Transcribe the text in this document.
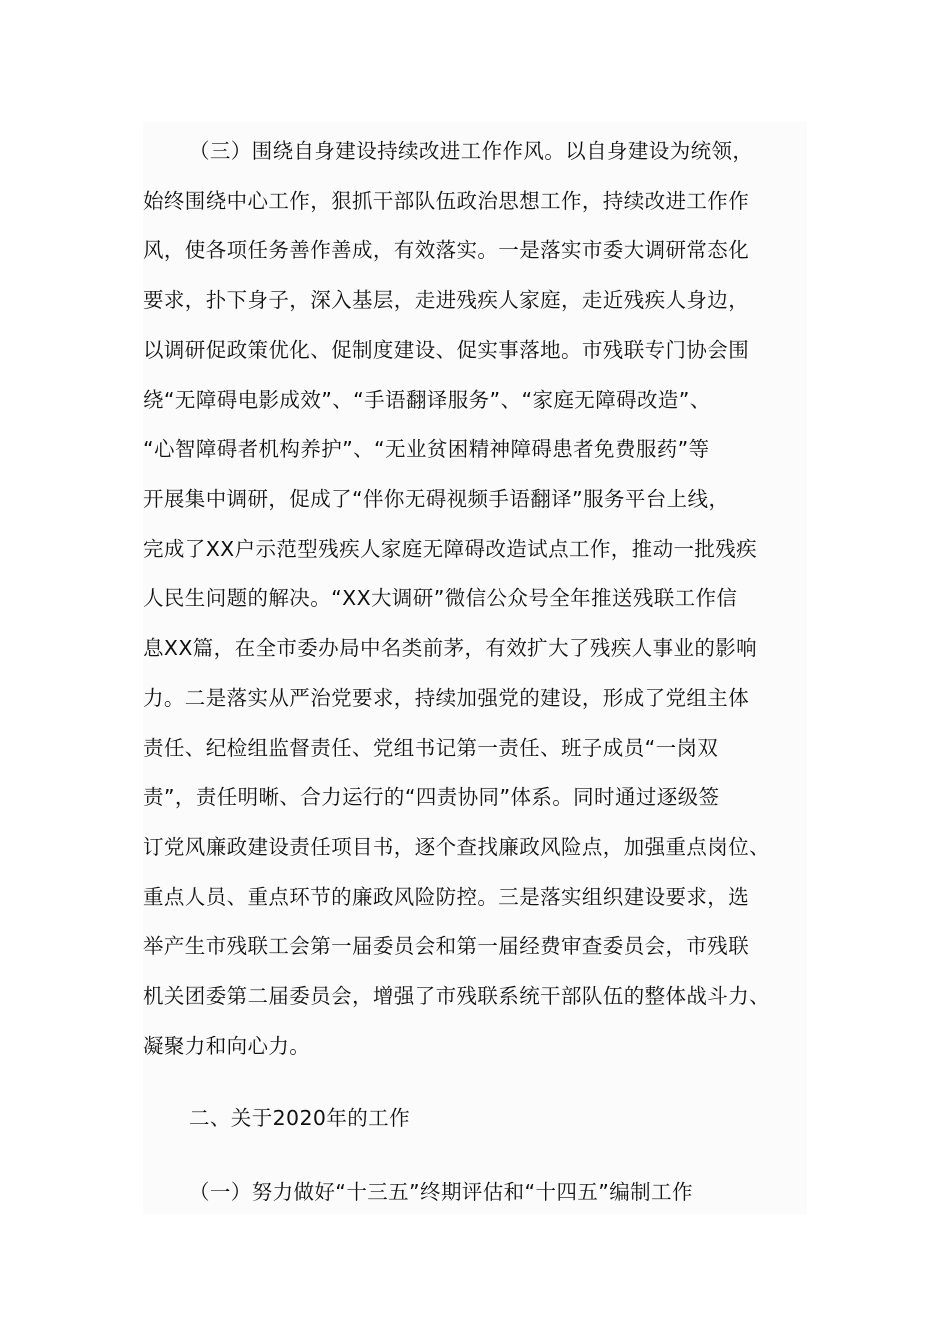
（三）围绕自身建设持续改进工作作风。以自身建设为统领，
始终围绕中心工作，狠抓干部队伍政治思想工作，持续改进工作作
风，使各项任务善作善成，有效落实。一是落实市委大调研常态化
要求，扑下身子，深入基层，走进残疾人家庭，走近残疾人身边，
以调研促政策优化、促制度建设、促实事落地。市残联专门协会围
绕“无障碍电影成效”、“手语翻译服务”、“家庭无障碍改造”、
“心智障碍者机构养护”、“无业贫困精神障碍患者免费服药”等
开展集中调研，促成了“伴你无碍视频手语翻译”服务平台上线，
完成了XX户示范型残疾人家庭无障碍改造试点工作，推动一批残疾
人民生问题的解决。“XX大调研”微信公众号全年推送残联工作信
息XX篇，在全市委办局中名类前茅，有效扩大了残疾人事业的影响
力。二是落实从严治党要求，持续加强党的建设，形成了党组主体
责任、纪检组监督责任、党组书记第一责任、班子成员“一岗双
责”，责任明晰、合力运行的“四责协同”体系。同时通过逐级签
订党风廉政建设责任项目书，逐个查找廉政风险点，加强重点岗位、
重点人员、重点环节的廉政风险防控。三是落实组织建设要求，选
举产生市残联工会第一届委员会和第一届经费审查委员会，市残联
机关团委第二届委员会，增强了市残联系统干部队伍的整体战斗力、
凝聚力和向心力。
二、关于2020年的工作
（一）努力做好“十三五”终期评估和“十四五”编制工作
